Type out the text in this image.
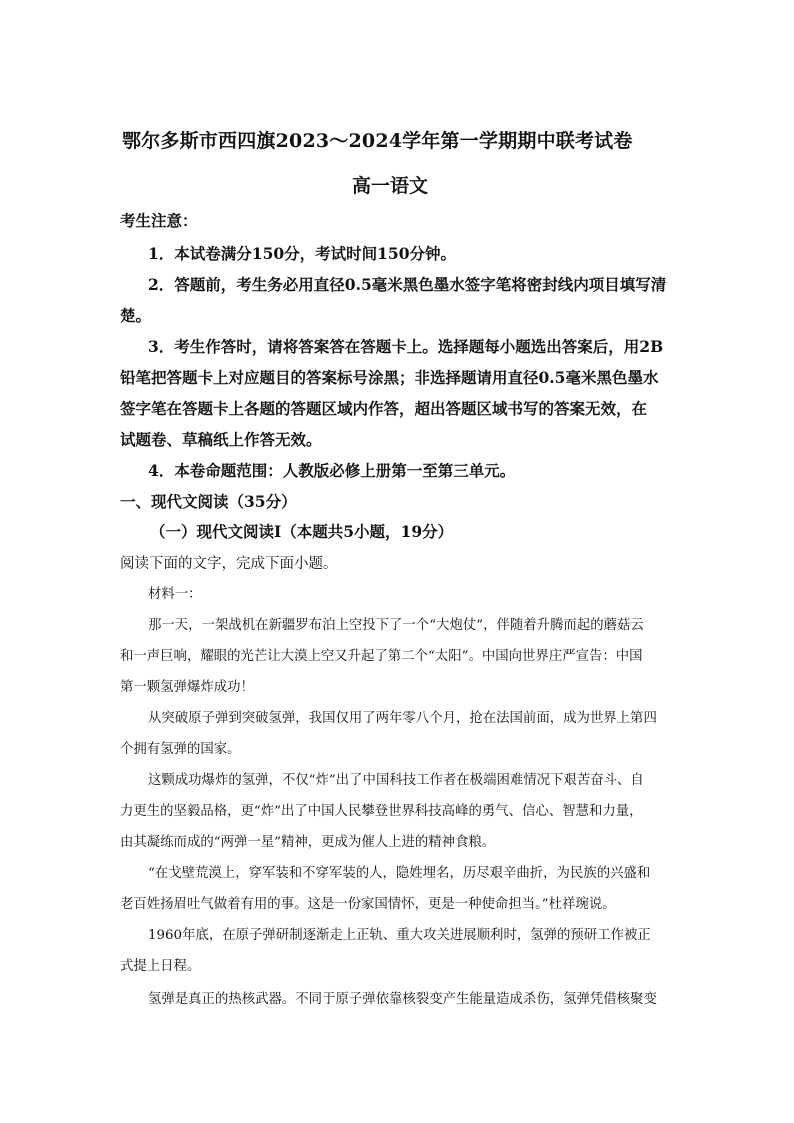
鄂尔多斯市西四旗2023～2024学年第一学期期中联考试卷
高一语文
考生注意：
1．本试卷满分150分，考试时间150分钟。
2．答题前，考生务必用直径0.5毫米黑色墨水签字笔将密封线内项目填写清
楚。
3．考生作答时，请将答案答在答题卡上。选择题每小题选出答案后，用2B
铅笔把答题卡上对应题目的答案标号涂黑；非选择题请用直径0.5毫米黑色墨水
签字笔在答题卡上各题的答题区域内作答，超出答题区域书写的答案无效，在
试题卷、草稿纸上作答无效。
4．本卷命题范围：人教版必修上册第一至第三单元。
一、现代文阅读（35分）
（一）现代文阅读Ⅰ（本题共5小题，19分）
阅读下面的文字，完成下面小题。
材料一：
那一天，一架战机在新疆罗布泊上空投下了一个“大炮仗”，伴随着升腾而起的蘑菇云
和一声巨响，耀眼的光芒让大漠上空又升起了第二个“太阳”。中国向世界庄严宣告：中国
第一颗氢弹爆炸成功！
从突破原子弹到突破氢弹，我国仅用了两年零八个月，抢在法国前面，成为世界上第四
个拥有氢弹的国家。
这颗成功爆炸的氢弹，不仅“炸”出了中国科技工作者在极端困难情况下艰苦奋斗、自
力更生的坚毅品格，更“炸”出了中国人民攀登世界科技高峰的勇气、信心、智慧和力量，
由其凝练而成的“两弹一星”精神，更成为催人上进的精神食粮。
“在戈壁荒漠上，穿军装和不穿军装的人，隐姓埋名，历尽艰辛曲折，为民族的兴盛和
老百姓扬眉吐气做着有用的事。这是一份家国情怀，更是一种使命担当。”杜祥琬说。
1960年底，在原子弹研制逐渐走上正轨、重大攻关进展顺利时，氢弹的预研工作被正
式提上日程。
氢弹是真正的热核武器。不同于原子弹依靠核裂变产生能量造成杀伤，氢弹凭借核聚变
